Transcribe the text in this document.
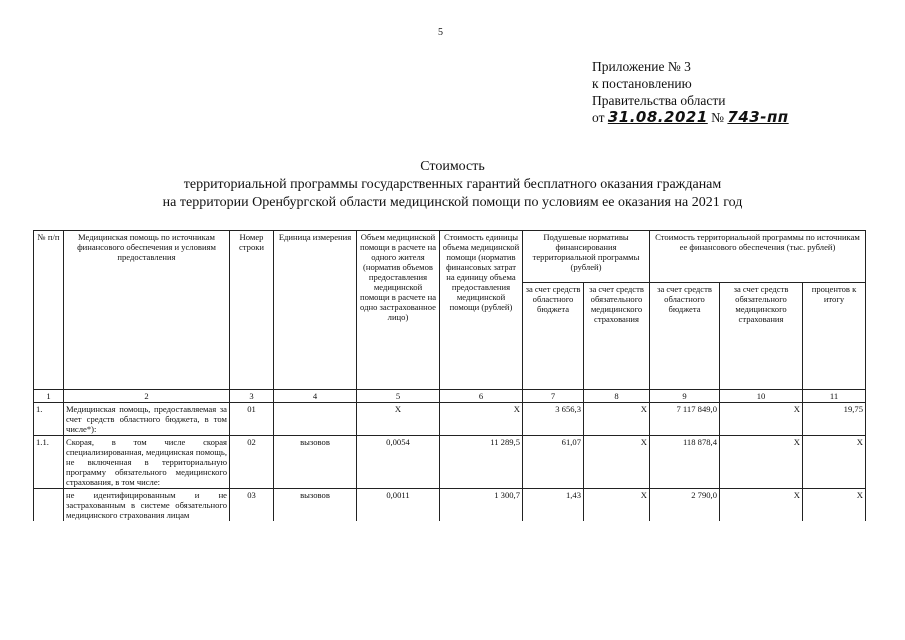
5
Приложение № 3
к постановлению
Правительства области
от 31.08.2021 № 743-пп
Стоимость
территориальной программы государственных гарантий бесплатного оказания гражданам
на территории Оренбургской области медицинской помощи по условиям ее оказания на 2021 год
№ п/п	Медицинская помощь по источникам финансового обеспечения и условиям предоставления	Номер строки	Единица измерения	Объем медицинской помощи в расчете на одного жителя (норматив объемов предоставления медицинской помощи в расчете на одно застрахованное лицо)	Стоимость единицы объема медицинской помощи (норматив финансовых затрат на единицу объема предоставления медицинской помощи (рублей)	Подушевые нормативы финансирования территориальной программы (рублей)		Стоимость территориальной программы по источникам ее финансового обеспечения (тыс. рублей)		
						за счет средств областного бюджета	за счет средств обязательного медицинского страхования	за счет средств областного бюджета	за счет средств обязательного медицинского страхования	процентов к итогу
1	2	3	4	5	6	7	8	9	10	11
1.	Медицинская помощь, предоставляемая за счет средств областного бюджета, в том числе*):	01		Х	Х	3 656,3	Х	7 117 849,0	Х	19,75
1.1.	Скорая, в том числе скорая специализированная, медицинская помощь, не включенная в территориальную программу обязательного медицинского страхования, в том числе:	02	вызовов	0,0054	11 289,5	61,07	Х	118 878,4	Х	Х
	не идентифицированным и не застрахованным в системе обязательного медицинского страхования лицам	03	вызовов	0,0011	1 300,7	1,43	Х	2 790,0	Х	Х
